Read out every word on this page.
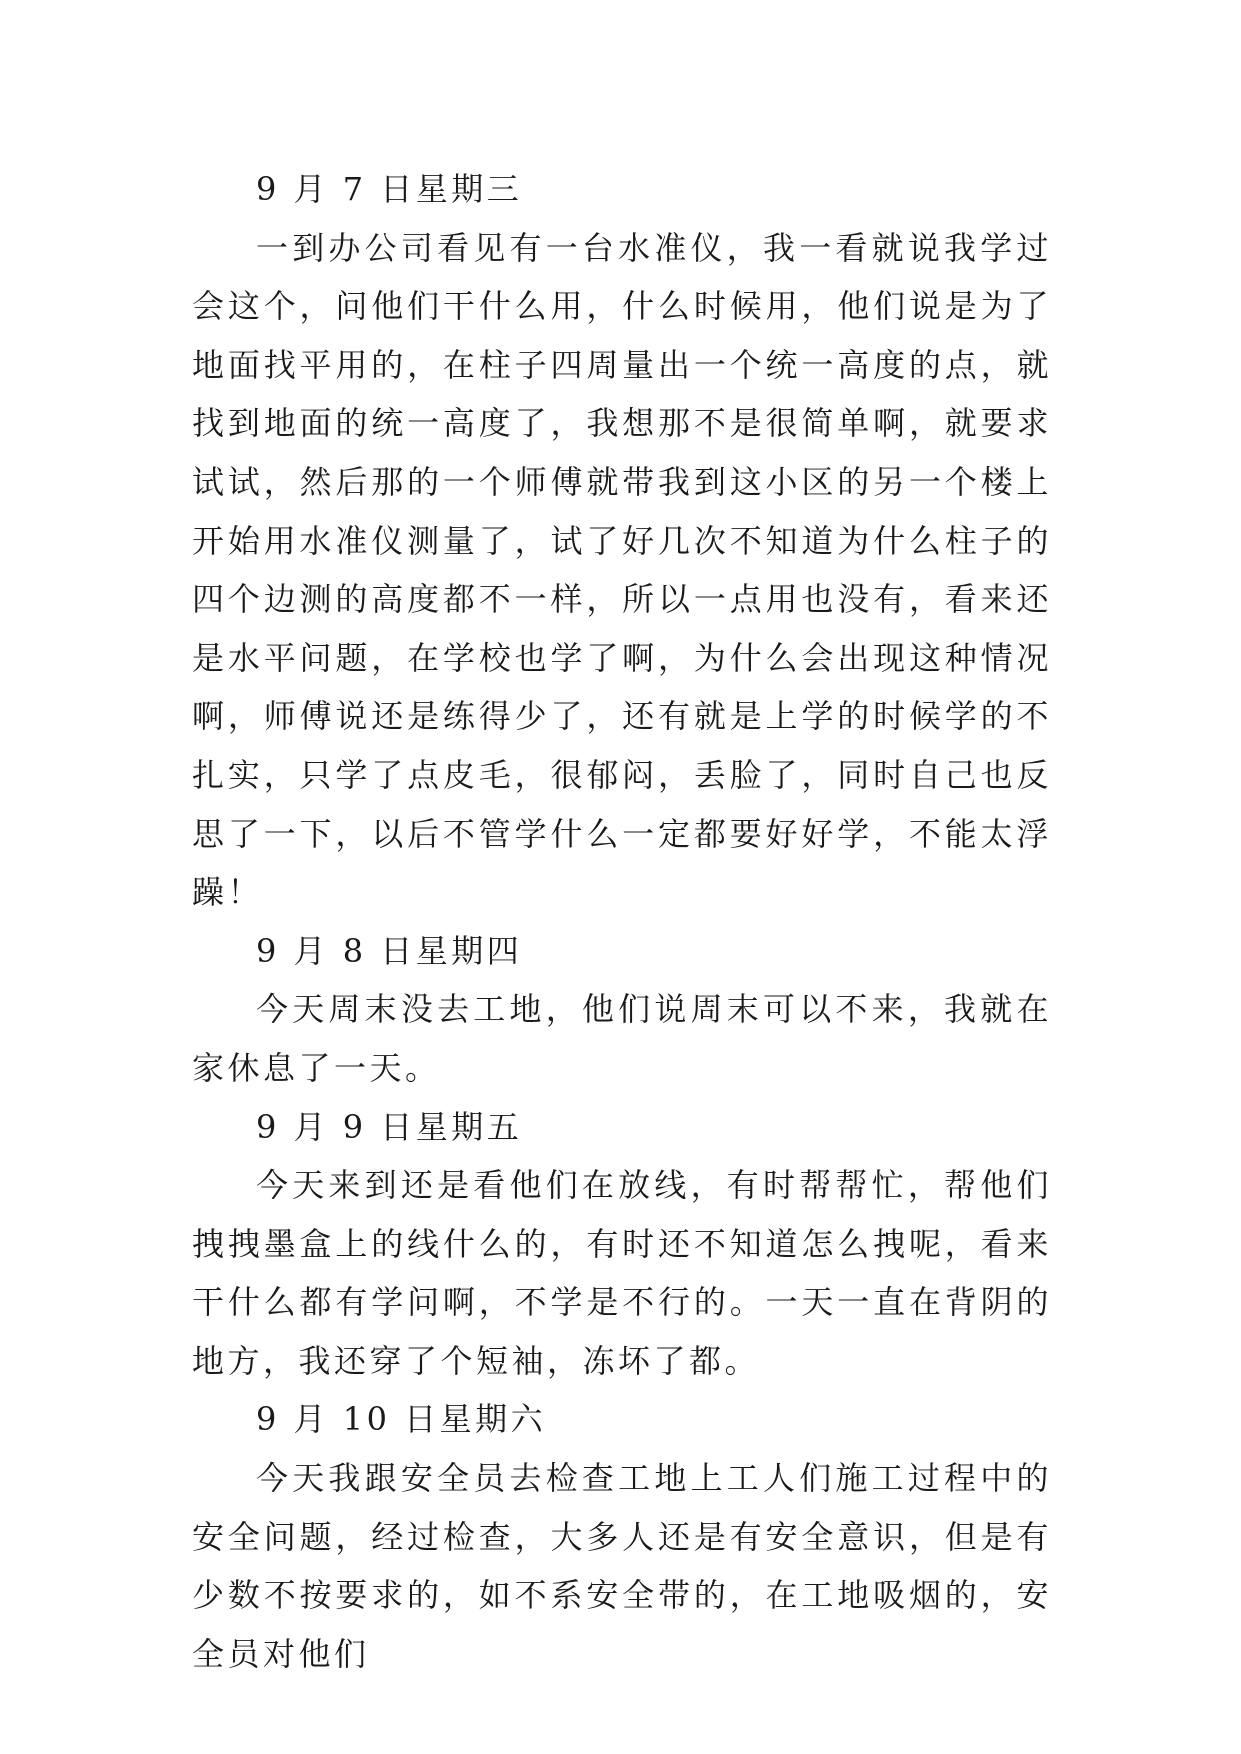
9 月 7 日星期三

一到办公司看见有一台水准仪，我一看就说我学过会这个，问他们干什么用，什么时候用，他们说是为了地面找平用的，在柱子四周量出一个统一高度的点，就找到地面的统一高度了，我想那不是很简单啊，就要求试试，然后那的一个师傅就带我到这小区的另一个楼上开始用水准仪测量了，试了好几次不知道为什么柱子的四个边测的高度都不一样，所以一点用也没有，看来还是水平问题，在学校也学了啊，为什么会出现这种情况啊，师傅说还是练得少了，还有就是上学的时候学的不扎实，只学了点皮毛，很郁闷，丢脸了，同时自己也反思了一下，以后不管学什么一定都要好好学，不能太浮躁！

9 月 8 日星期四

今天周末没去工地，他们说周末可以不来，我就在家休息了一天。

9 月 9 日星期五

今天来到还是看他们在放线，有时帮帮忙，帮他们拽拽墨盒上的线什么的，有时还不知道怎么拽呢，看来干什么都有学问啊，不学是不行的。一天一直在背阴的地方，我还穿了个短袖，冻坏了都。

9 月 10 日星期六

今天我跟安全员去检查工地上工人们施工过程中的安全问题，经过检查，大多人还是有安全意识，但是有少数不按要求的，如不系安全带的，在工地吸烟的，安全员对他们
